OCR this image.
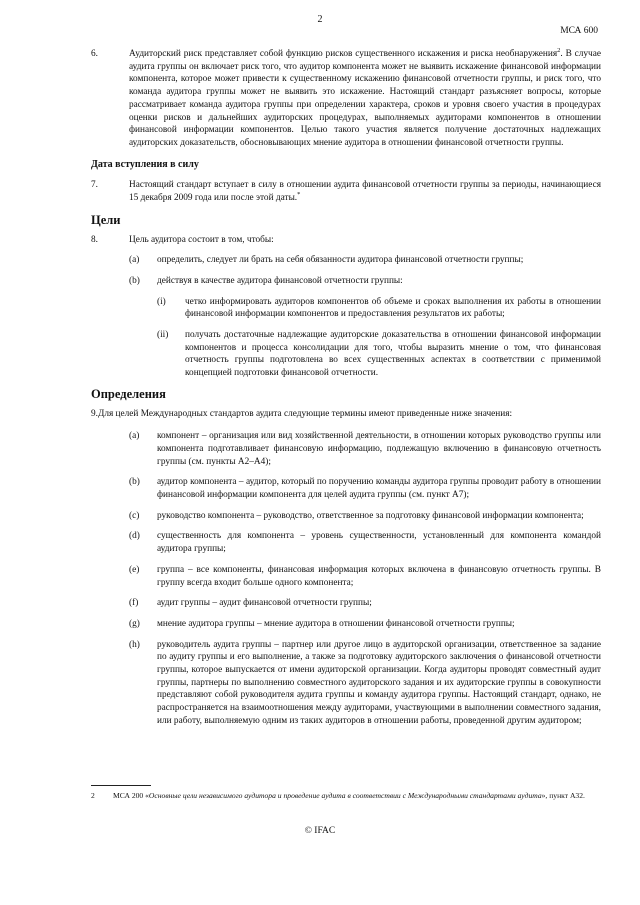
2
МСА 600
6.	Аудиторский риск представляет собой функцию рисков существенного искажения и риска необнаружения$^2$. В случае аудита группы он включает риск того, что аудитор компонента может не выявить искажение финансовой информации компонента, которое может привести к существенному искажению финансовой отчетности группы, и риск того, что команда аудитора группы может не выявить это искажение. Настоящий стандарт разъясняет вопросы, которые рассматривает команда аудитора группы при определении характера, сроков и уровня своего участия в процедурах оценки рисков и дальнейших аудиторских процедурах, выполняемых аудиторами компонентов в отношении финансовой информации компонентов. Целью такого участия является получение достаточных надлежащих аудиторских доказательств, обосновывающих мнение аудитора в отношении финансовой отчетности группы.
Дата вступления в силу
7.	Настоящий стандарт вступает в силу в отношении аудита финансовой отчетности группы за периоды, начинающиеся 15 декабря 2009 года или после этой даты.*
Цели
8.	Цель аудитора состоит в том, чтобы:
(a)	определить, следует ли брать на себя обязанности аудитора финансовой отчетности группы;
(b)	действуя в качестве аудитора финансовой отчетности группы:
(i)	четко информировать аудиторов компонентов об объеме и сроках выполнения их работы в отношении финансовой информации компонентов и предоставления результатов их работы;
(ii)	получать достаточные надлежащие аудиторские доказательства в отношении финансовой информации компонентов и процесса консолидации для того, чтобы выразить мнение о том, что финансовая отчетность группы подготовлена во всех существенных аспектах в соответствии с применимой концепцией подготовки финансовой отчетности.
Определения
9.Для целей Международных стандартов аудита следующие термины имеют приведенные ниже значения:
(a)	компонент – организация или вид хозяйственной деятельности, в отношении которых руководство группы или компонента подготавливает финансовую информацию, подлежащую включению в финансовую отчетность группы (см. пункты A2–A4);
(b)	аудитор компонента – аудитор, который по поручению команды аудитора группы проводит работу в отношении финансовой информации компонента для целей аудита группы (см. пункт A7);
(c)	руководство компонента – руководство, ответственное за подготовку финансовой информации компонента;
(d)	существенность для компонента – уровень существенности, установленный для компонента командой аудитора группы;
(e)	группа – все компоненты, финансовая информация которых включена в финансовую отчетность группы. В группу всегда входит больше одного компонента;
(f)	аудит группы – аудит финансовой отчетности группы;
(g)	мнение аудитора группы – мнение аудитора в отношении финансовой отчетности группы;
(h)	руководитель аудита группы – партнер или другое лицо в аудиторской организации, ответственное за задание по аудиту группы и его выполнение, а также за подготовку аудиторского заключения о финансовой отчетности группы, которое выпускается от имени аудиторской организации. Когда аудиторы проводят совместный аудит группы, партнеры по выполнению совместного аудиторского задания и их аудиторские группы в совокупности представляют собой руководителя аудита группы и команду аудитора группы. Настоящий стандарт, однако, не распространяется на взаимоотношения между аудиторами, участвующими в выполнении совместного задания, или работу, выполняемую одним из таких аудиторов в отношении работы, проведенной другим аудитором;
2	МСА 200 «Основные цели независимого аудитора и проведение аудита в соответствии с Международными стандартами аудита», пункт A32.
© IFAC
